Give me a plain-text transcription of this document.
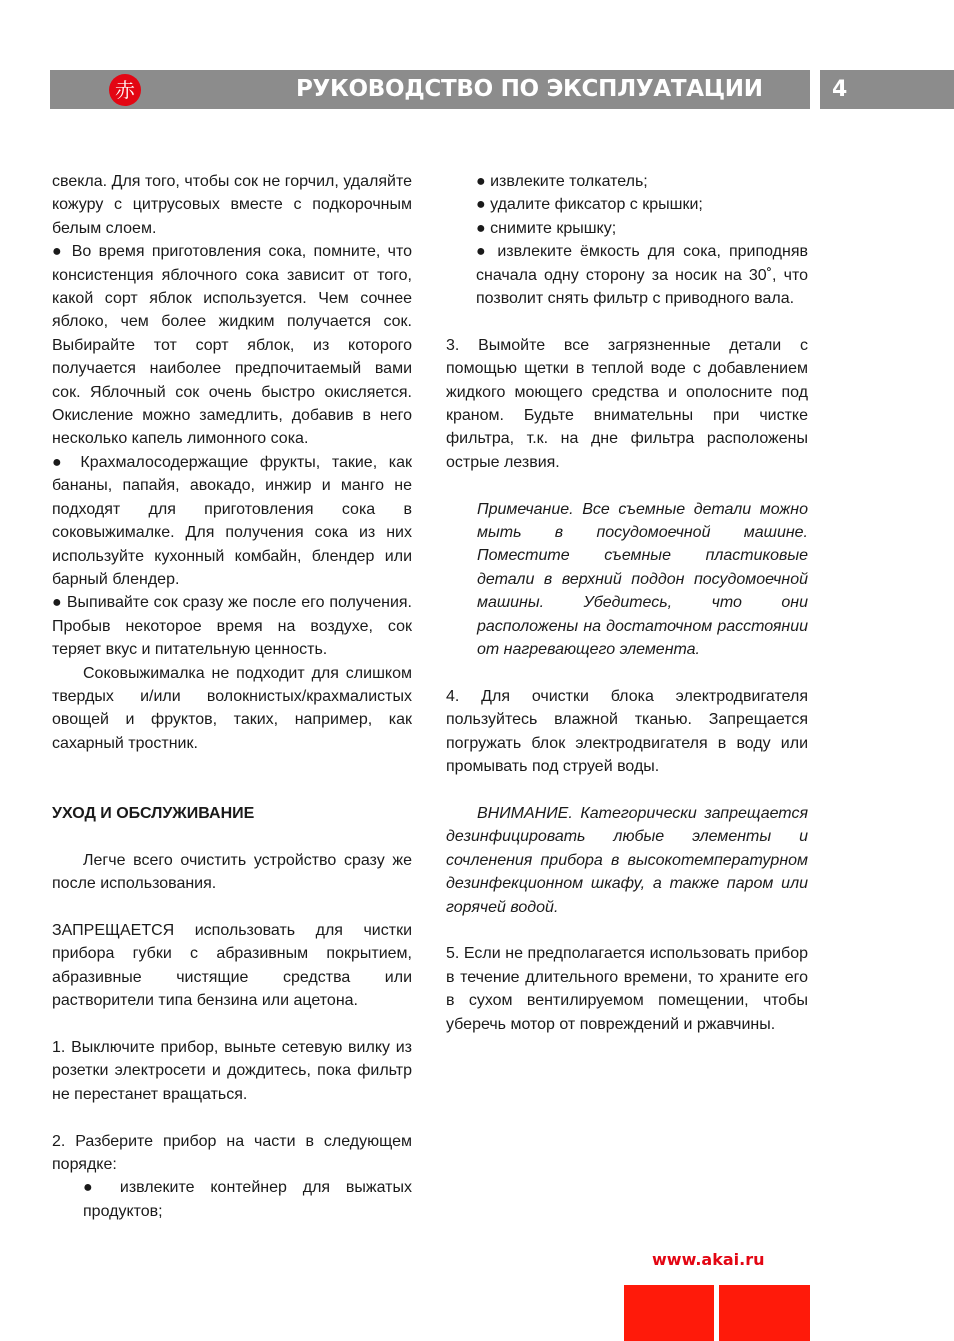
赤	РУКОВОДСТВО ПО ЭКСПЛУАТАЦИИ	4

свекла. Для того, чтобы сок не горчил, удаляйте кожуру с цитрусовых вместе с подкорочным белым слоем.

● Во время приготовления сока, помните, что консистенция яблочного сока зависит от того, какой сорт яблок используется. Чем сочнее яблоко, чем более жидким получается сок. Выбирайте тот сорт яблок, из которого получается наиболее предпочитаемый вами сок. Яблочный сок очень быстро окисляется. Окисление можно замедлить, добавив в него несколько капель лимонного сока.

● Крахмалосодержащие фрукты, такие, как бананы, папайя, авокадо, инжир и манго не подходят для приготовления сока в соковыжималке. Для получения сока из них используйте кухонный комбайн, блендер или барный блендер.

● Выпивайте сок сразу же после его получения. Пробыв некоторое время на воздухе, сок теряет вкус и питательную ценность.

Соковыжималка не подходит для слишком твердых и/или волокнистых/крахмалистых овощей и фруктов, таких, например, как сахарный тростник.

УХОД И ОБСЛУЖИВАНИЕ

Легче всего очистить устройство сразу же после использования.

ЗАПРЕЩАЕТСЯ использовать для чистки прибора губки с абразивным покрытием, абразивные чистящие средства или растворители типа бензина или ацетона.

1. Выключите прибор, выньте сетевую вилку из розетки электросети и дождитесь, пока фильтр не перестанет вращаться.

2. Разберите прибор на части в следующем порядке:

● извлеките контейнер для выжатых продуктов;

● извлеките толкатель;

● удалите фиксатор с крышки;

● снимите крышку;

● извлеките ёмкость для сока, приподняв сначала одну сторону за носик на 30˚, что позволит снять фильтр с приводного вала.

3. Вымойте все загрязненные детали с помощью щетки в теплой воде с добавлением жидкого моющего средства и ополосните под краном. Будьте внимательны при чистке фильтра, т.к. на дне фильтра расположены острые лезвия.

Примечание. Все съемные детали можно мыть в посудомоечной машине. Поместите съемные пластиковые детали в верхний поддон посудомоечной машины. Убедитесь, что они расположены на достаточном расстоянии от нагревающего элемента.

4. Для очистки блока электродвигателя пользуйтесь влажной тканью. Запрещается погружать блок электродвигателя в воду или промывать под струей воды.

ВНИМАНИЕ. Категорически запрещается дезинфицировать любые элементы и сочленения прибора в высокотемпературном дезинфекционном шкафу, а также паром или горячей водой.

5. Если не предполагается использовать прибор в течение длительного времени, то храните его в сухом вентилируемом помещении, чтобы уберечь мотор от повреждений и ржавчины.

www.akai.ru
